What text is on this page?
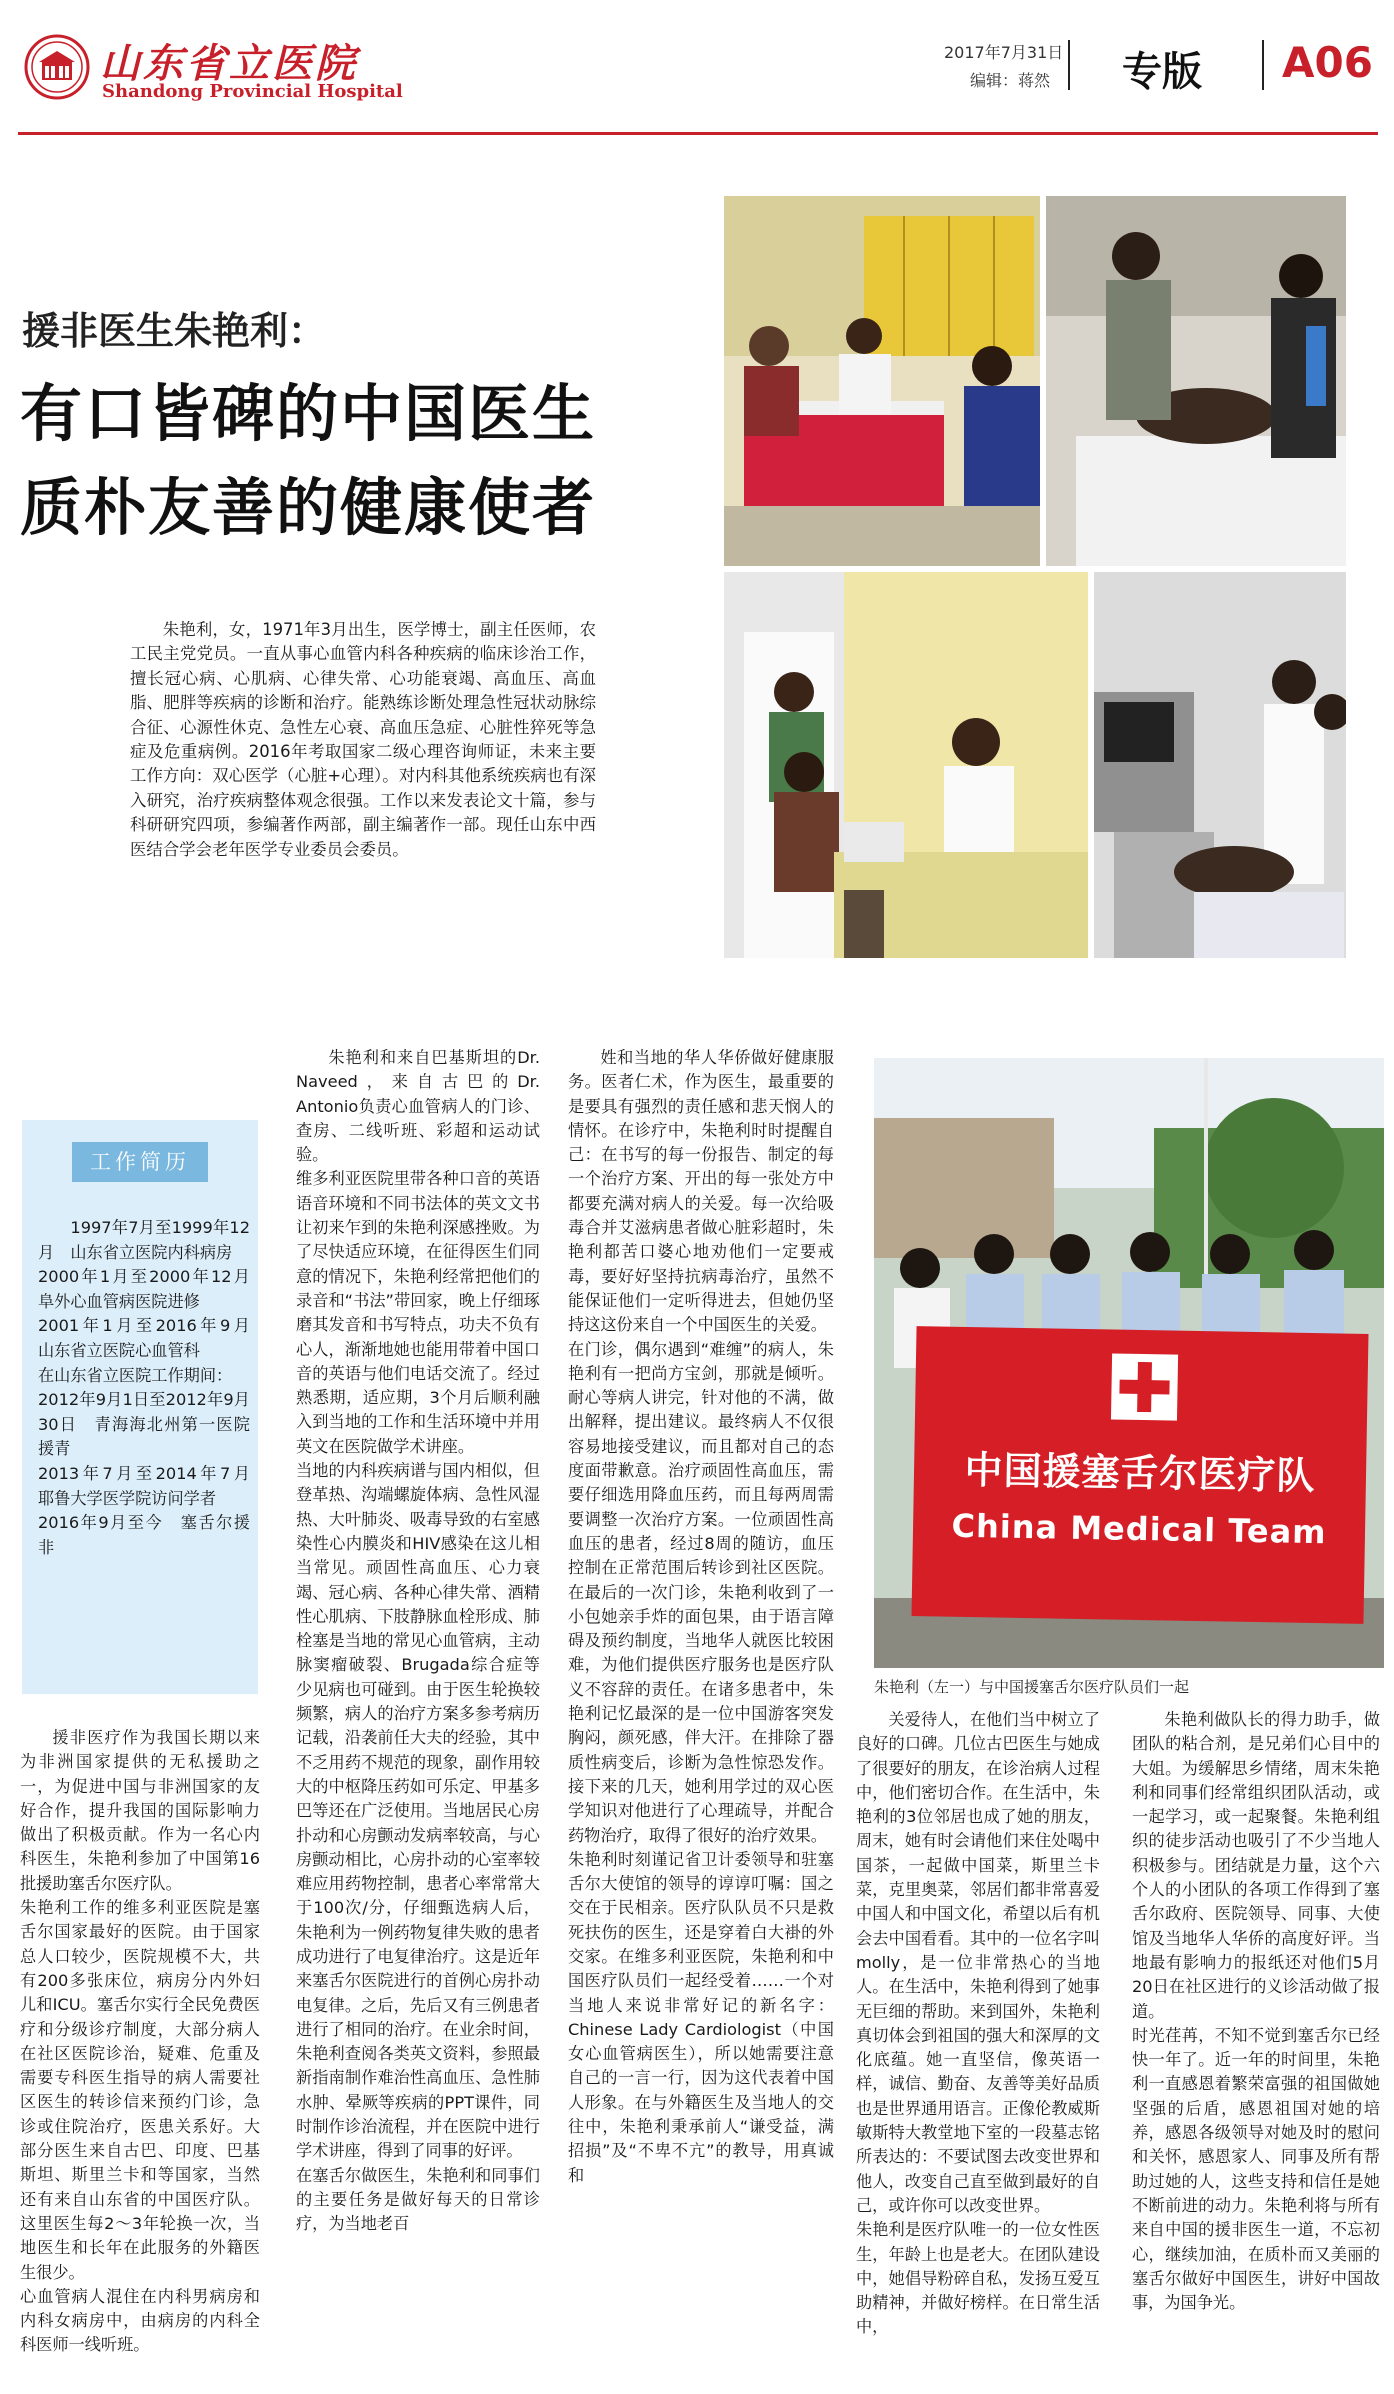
山东省立医院
Shandong Provincial Hospital
2017年7月31日
编辑：蒋然 专版 A06
援非医生朱艳利：
有口皆碑的中国医生
质朴友善的健康使者
朱艳利，女，1971年3月出生，医学博士，副主任医师，农工民主党党员。一直从事心血管内科各种疾病的临床诊治工作，擅长冠心病、心肌病、心律失常、心功能衰竭、高血压、高血脂、肥胖等疾病的诊断和治疗。能熟练诊断处理急性冠状动脉综合征、心源性休克、急性左心衰、高血压急症、心脏性猝死等急症及危重病例。2016年考取国家二级心理咨询师证，未来主要工作方向：双心医学（心脏+心理）。对内科其他系统疾病也有深入研究，治疗疾病整体观念很强。工作以来发表论文十篇，参与科研研究四项，参编著作两部，副主编著作一部。现任山东中西医结合学会老年医学专业委员会委员。
工作简历
1997年7月至1999年12月　山东省立医院内科病房
2000年1月至2000年12月　阜外心血管病医院进修
2001年1月至2016年9月　山东省立医院心血管科
在山东省立医院工作期间：
2012年9月1日至2012年9月30日　青海海北州第一医院援青
2013年7月至2014年7月　耶鲁大学医学院访问学者
2016年9月至今　塞舌尔援非
援非医疗作为我国长期以来为非洲国家提供的无私援助之一，为促进中国与非洲国家的友好合作，提升我国的国际影响力做出了积极贡献。作为一名心内科医生，朱艳利参加了中国第16批援助塞舌尔医疗队。
朱艳利工作的维多利亚医院是塞舌尔国家最好的医院。由于国家总人口较少，医院规模不大，共有200多张床位，病房分内外妇儿和ICU。塞舌尔实行全民免费医疗和分级诊疗制度，大部分病人在社区医院诊治，疑难、危重及需要专科医生指导的病人需要社区医生的转诊信来预约门诊，急诊或住院治疗，医患关系好。大部分医生来自古巴、印度、巴基斯坦、斯里兰卡和等国家，当然还有来自山东省的中国医疗队。这里医生每2～3年轮换一次，当地医生和长年在此服务的外籍医生很少。
心血管病人混住在内科男病房和内科女病房中，由病房的内科全科医师一线听班。
朱艳利和来自巴基斯坦的Dr. Naveed，来自古巴的Dr. Antonio负责心血管病人的门诊、查房、二线听班、彩超和运动试验。
维多利亚医院里带各种口音的英语语音环境和不同书法体的英文文书让初来乍到的朱艳利深感挫败。为了尽快适应环境，在征得医生们同意的情况下，朱艳利经常把他们的录音和“书法”带回家，晚上仔细琢磨其发音和书写特点，功夫不负有心人，渐渐地她也能用带着中国口音的英语与他们电话交流了。经过熟悉期，适应期，3个月后顺利融入到当地的工作和生活环境中并用英文在医院做学术讲座。
当地的内科疾病谱与国内相似，但登革热、沟端螺旋体病、急性风湿热、大叶肺炎、吸毒导致的右室感染性心内膜炎和HIV感染在这儿相当常见。顽固性高血压、心力衰竭、冠心病、各种心律失常、酒精性心肌病、下肢静脉血栓形成、肺栓塞是当地的常见心血管病，主动脉窦瘤破裂、Brugada综合症等少见病也可碰到。由于医生轮换较频繁，病人的治疗方案多参考病历记载，沿袭前任大夫的经验，其中不乏用药不规范的现象，副作用较大的中枢降压药如可乐定、甲基多巴等还在广泛使用。当地居民心房扑动和心房颤动发病率较高，与心房颤动相比，心房扑动的心室率较难应用药物控制，患者心率常常大于100次/分，仔细甄选病人后，朱艳利为一例药物复律失败的患者成功进行了电复律治疗。这是近年来塞舌尔医院进行的首例心房扑动电复律。之后，先后又有三例患者进行了相同的治疗。在业余时间，朱艳利查阅各类英文资料，参照最新指南制作难治性高血压、急性肺水肿、晕厥等疾病的PPT课件，同时制作诊治流程，并在医院中进行学术讲座，得到了同事的好评。
在塞舌尔做医生，朱艳利和同事们的主要任务是做好每天的日常诊疗，为当地老百
姓和当地的华人华侨做好健康服务。医者仁术，作为医生，最重要的是要具有强烈的责任感和悲天悯人的情怀。在诊疗中，朱艳利时时提醒自己：在书写的每一份报告、制定的每一个治疗方案、开出的每一张处方中都要充满对病人的关爱。每一次给吸毒合并艾滋病患者做心脏彩超时，朱艳利都苦口婆心地劝他们一定要戒毒，要好好坚持抗病毒治疗，虽然不能保证他们一定听得进去，但她仍坚持这这份来自一个中国医生的关爱。
在门诊，偶尔遇到“难缠”的病人，朱艳利有一把尚方宝剑，那就是倾听。耐心等病人讲完，针对他的不满，做出解释，提出建议。最终病人不仅很容易地接受建议，而且都对自己的态度面带歉意。治疗顽固性高血压，需要仔细选用降血压药，而且每两周需要调整一次治疗方案。一位顽固性高血压的患者，经过8周的随访，血压控制在正常范围后转诊到社区医院。在最后的一次门诊，朱艳利收到了一小包她亲手炸的面包果，由于语言障碍及预约制度，当地华人就医比较困难，为他们提供医疗服务也是医疗队义不容辞的责任。在诸多患者中，朱艳利记忆最深的是一位中国游客突发胸闷，颜死感，伴大汗。在排除了器质性病变后，诊断为急性惊恐发作。接下来的几天，她利用学过的双心医学知识对他进行了心理疏导，并配合药物治疗，取得了很好的治疗效果。
朱艳利时刻谨记省卫计委领导和驻塞舌尔大使馆的领导的谆谆叮嘱：国之交在于民相亲。医疗队队员不只是救死扶伤的医生，还是穿着白大褂的外交家。在维多利亚医院，朱艳利和中国医疗队员们一起经受着……一个对当地人来说非常好记的新名字：Chinese Lady Cardiologist（中国女心血管病医生），所以她需要注意自己的一言一行，因为这代表着中国人形象。在与外籍医生及当地人的交往中，朱艳利秉承前人“谦受益，满招损”及“不卑不亢”的教导，用真诚和
中国援塞舌尔医疗队
China Medical Team
朱艳利（左一）与中国援塞舌尔医疗队员们一起
关爱待人，在他们当中树立了良好的口碑。几位古巴医生与她成了很要好的朋友，在诊治病人过程中，他们密切合作。在生活中，朱艳利的3位邻居也成了她的朋友，周末，她有时会请他们来住处喝中国茶，一起做中国菜，斯里兰卡菜，克里奥菜，邻居们都非常喜爱中国人和中国文化，希望以后有机会去中国看看。其中的一位名字叫molly，是一位非常热心的当地人。在生活中，朱艳利得到了她事无巨细的帮助。来到国外，朱艳利真切体会到祖国的强大和深厚的文化底蕴。她一直坚信，像英语一样，诚信、勤奋、友善等美好品质也是世界通用语言。正像伦教威斯敏斯特大教堂地下室的一段墓志铭所表达的：不要试图去改变世界和他人，改变自己直至做到最好的自己，或许你可以改变世界。
朱艳利是医疗队唯一的一位女性医生，年龄上也是老大。在团队建设中，她倡导粉碎自私，发扬互爱互助精神，并做好榜样。在日常生活中，
朱艳利做队长的得力助手，做团队的粘合剂，是兄弟们心目中的大姐。为缓解思乡情绪，周末朱艳利和同事们经常组织团队活动，或一起学习，或一起聚餐。朱艳利组织的徒步活动也吸引了不少当地人积极参与。团结就是力量，这个六个人的小团队的各项工作得到了塞舌尔政府、医院领导、同事、大使馆及当地华人华侨的高度好评。当地最有影响力的报纸还对他们5月20日在社区进行的义诊活动做了报道。
时光荏苒，不知不觉到塞舌尔已经快一年了。近一年的时间里，朱艳利一直感恩着繁荣富强的祖国做她坚强的后盾，感恩祖国对她的培养，感恩各级领导对她及时的慰问和关怀，感恩家人、同事及所有帮助过她的人，这些支持和信任是她不断前进的动力。朱艳利将与所有来自中国的援非医生一道，不忘初心，继续加油，在质朴而又美丽的塞舌尔做好中国医生，讲好中国故事，为国争光。
